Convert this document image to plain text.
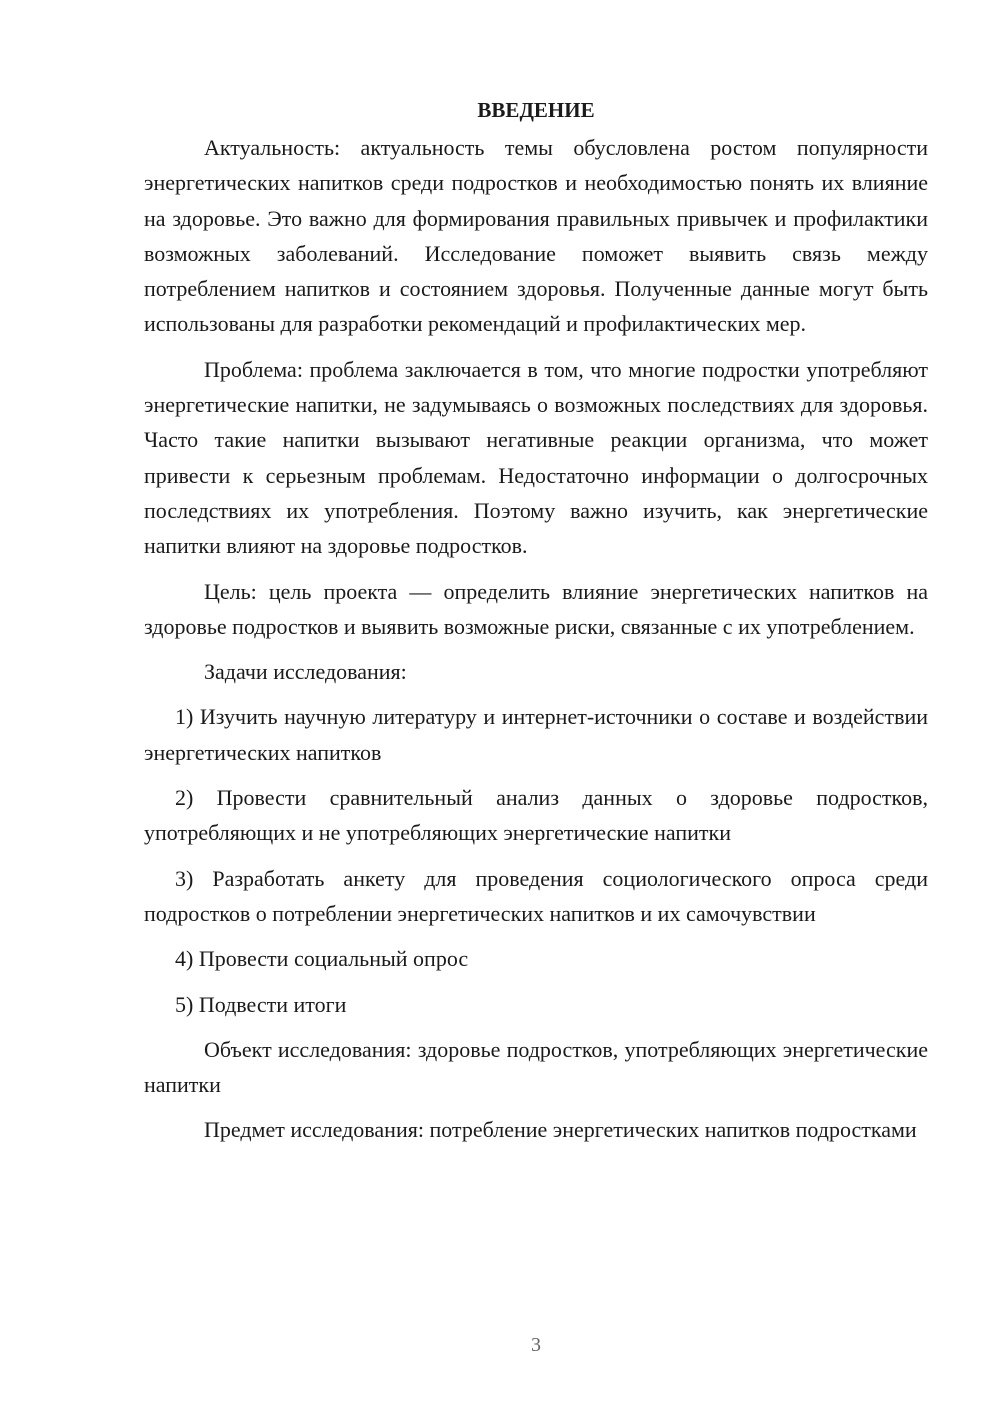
ВВЕДЕНИЕ

Актуальность: актуальность темы обусловлена ростом популярности энергетических напитков среди подростков и необходимостью понять их влияние на здоровье. Это важно для формирования правильных привычек и профилактики возможных заболеваний. Исследование поможет выявить связь между потреблением напитков и состоянием здоровья. Полученные данные могут быть использованы для разработки рекомендаций и профилактических мер.

Проблема: проблема заключается в том, что многие подростки употребляют энергетические напитки, не задумываясь о возможных последствиях для здоровья. Часто такие напитки вызывают негативные реакции организма, что может привести к серьезным проблемам. Недостаточно информации о долгосрочных последствиях их употребления. Поэтому важно изучить, как энергетические напитки влияют на здоровье подростков.

Цель: цель проекта — определить влияние энергетических напитков на здоровье подростков и выявить возможные риски, связанные с их употреблением.

Задачи исследования:

1) Изучить научную литературу и интернет-источники о составе и воздействии энергетических напитков

2) Провести сравнительный анализ данных о здоровье подростков, употребляющих и не употребляющих энергетические напитки

3) Разработать анкету для проведения социологического опроса среди подростков о потреблении энергетических напитков и их самочувствии

4) Провести социальный опрос

5) Подвести итоги

Объект исследования: здоровье подростков, употребляющих энергетические напитки

Предмет исследования: потребление энергетических напитков подростками

3
